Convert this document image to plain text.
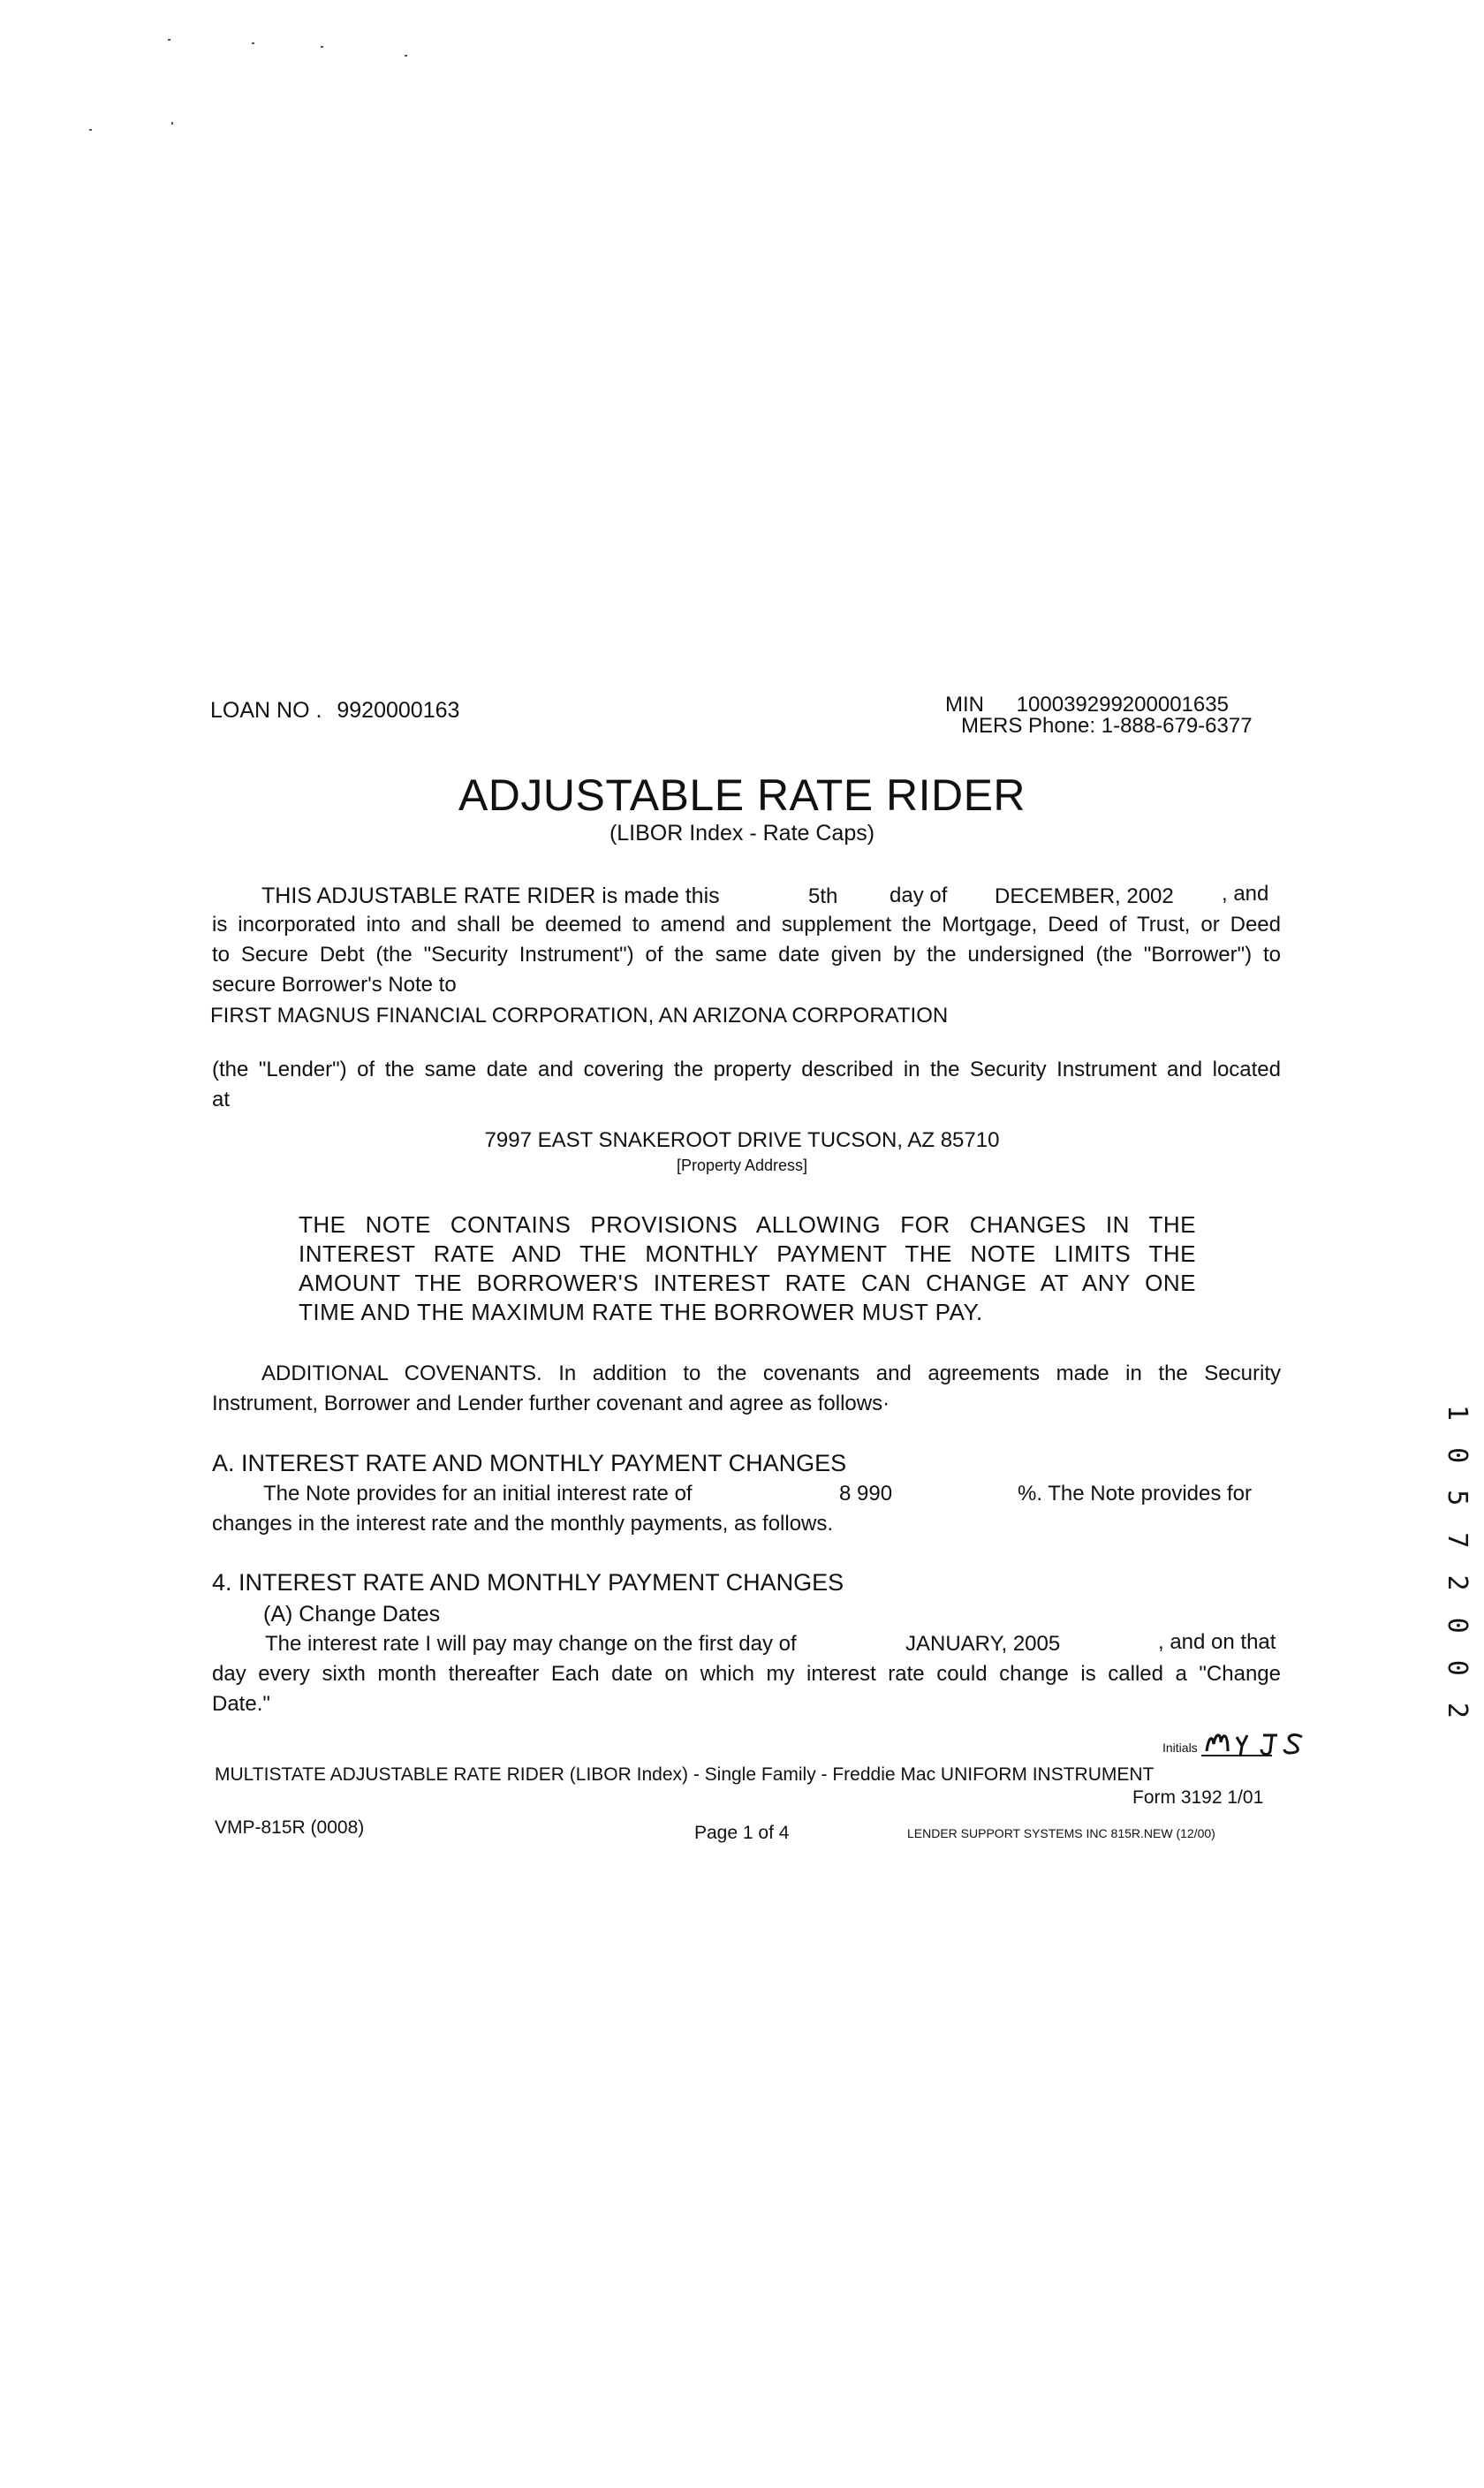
LOAN NO . 9920000163	MIN 100039299200001635
MERS Phone: 1-888-679-6377
ADJUSTABLE RATE RIDER
(LIBOR Index - Rate Caps)
THIS ADJUSTABLE RATE RIDER is made this	5th day of DECEMBER, 2002 , and
is incorporated into and shall be deemed to amend and supplement the Mortgage, Deed of Trust, or Deed
to Secure Debt (the "Security Instrument") of the same date given by the undersigned (the "Borrower") to
secure Borrower's Note to
FIRST MAGNUS FINANCIAL CORPORATION, AN ARIZONA CORPORATION
(the "Lender") of the same date and covering the property described in the Security Instrument and located
at
7997 EAST SNAKEROOT DRIVE TUCSON, AZ 85710
[Property Address]
THE NOTE CONTAINS PROVISIONS ALLOWING FOR CHANGES IN THE
INTEREST RATE AND THE MONTHLY PAYMENT THE NOTE LIMITS THE
AMOUNT THE BORROWER'S INTEREST RATE CAN CHANGE AT ANY ONE
TIME AND THE MAXIMUM RATE THE BORROWER MUST PAY.
ADDITIONAL COVENANTS. In addition to the covenants and agreements made in the Security
Instrument, Borrower and Lender further covenant and agree as follows·
A. INTEREST RATE AND MONTHLY PAYMENT CHANGES
The Note provides for an initial interest rate of	8 990	%. The Note provides for
changes in the interest rate and the monthly payments, as follows.
4. INTEREST RATE AND MONTHLY PAYMENT CHANGES
(A) Change Dates
The interest rate I will pay may change on the first day of	JANUARY, 2005	, and on that
day every sixth month thereafter Each date on which my interest rate could change is called a "Change
Date."
Initials
MULTISTATE ADJUSTABLE RATE RIDER (LIBOR Index) - Single Family - Freddie Mac UNIFORM INSTRUMENT
Form 3192 1/01
VMP-815R (0008)	Page 1 of 4	LENDER SUPPORT SYSTEMS INC 815R.NEW (12/00)
1 0 5 7 2 0 0 2
